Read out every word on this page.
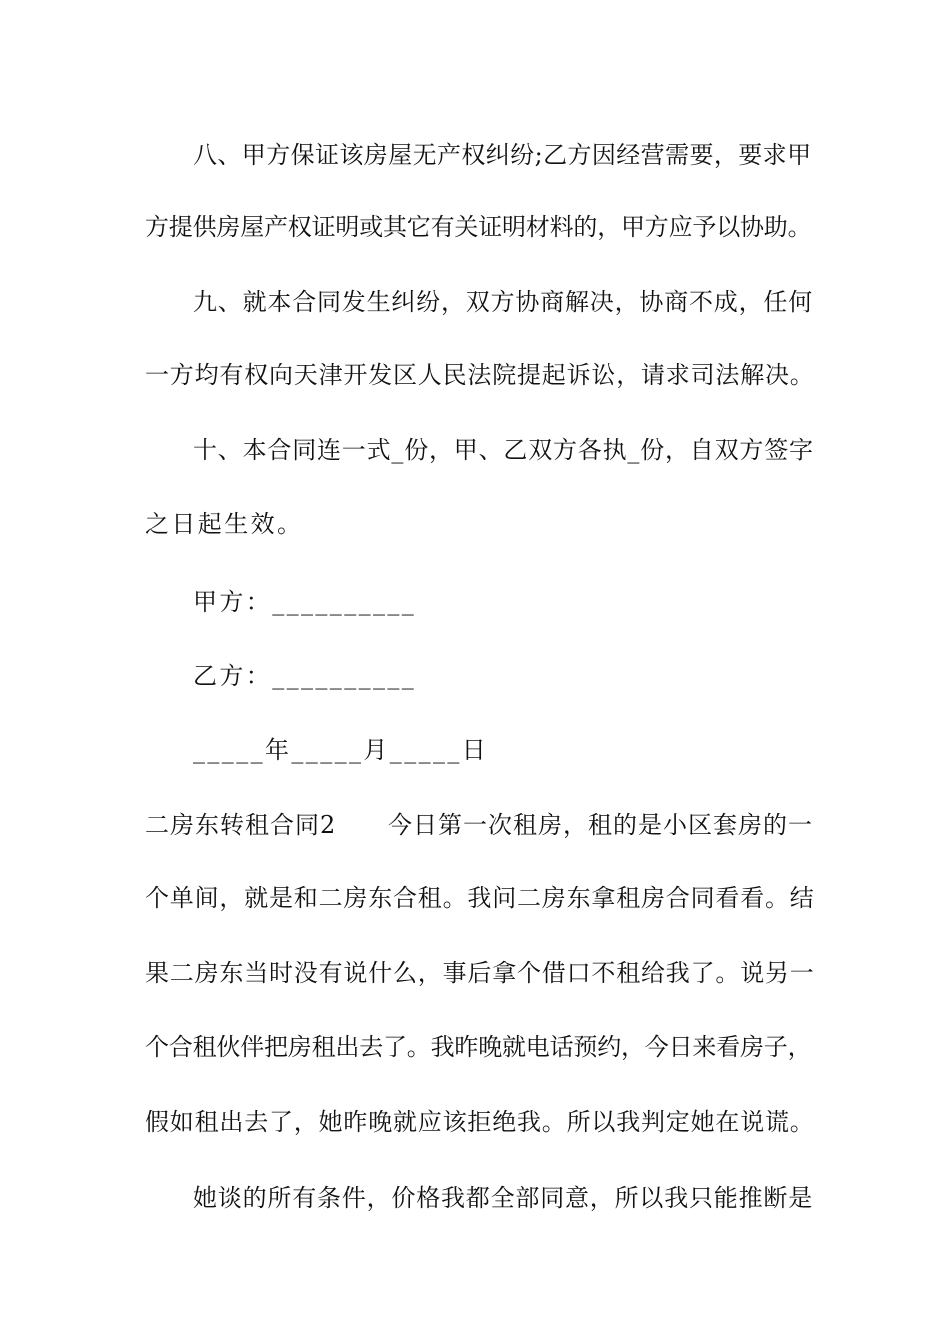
八、甲方保证该房屋无产权纠纷;乙方因经营需要，要求甲
方提供房屋产权证明或其它有关证明材料的，甲方应予以协助。
九、就本合同发生纠纷，双方协商解决，协商不成，任何
一方均有权向天津开发区人民法院提起诉讼，请求司法解决。
十、本合同连一式_份，甲、乙双方各执_份，自双方签字
之日起生效。
甲方：__________
乙方：__________
_____年_____月_____日
二房东转租合同2      今日第一次租房，租的是小区套房的一
个单间，就是和二房东合租。我问二房东拿租房合同看看。结
果二房东当时没有说什么，事后拿个借口不租给我了。说另一
个合租伙伴把房租出去了。我昨晚就电话预约，今日来看房子，
假如租出去了，她昨晚就应该拒绝我。所以我判定她在说谎。
她谈的所有条件，价格我都全部同意，所以我只能推断是
